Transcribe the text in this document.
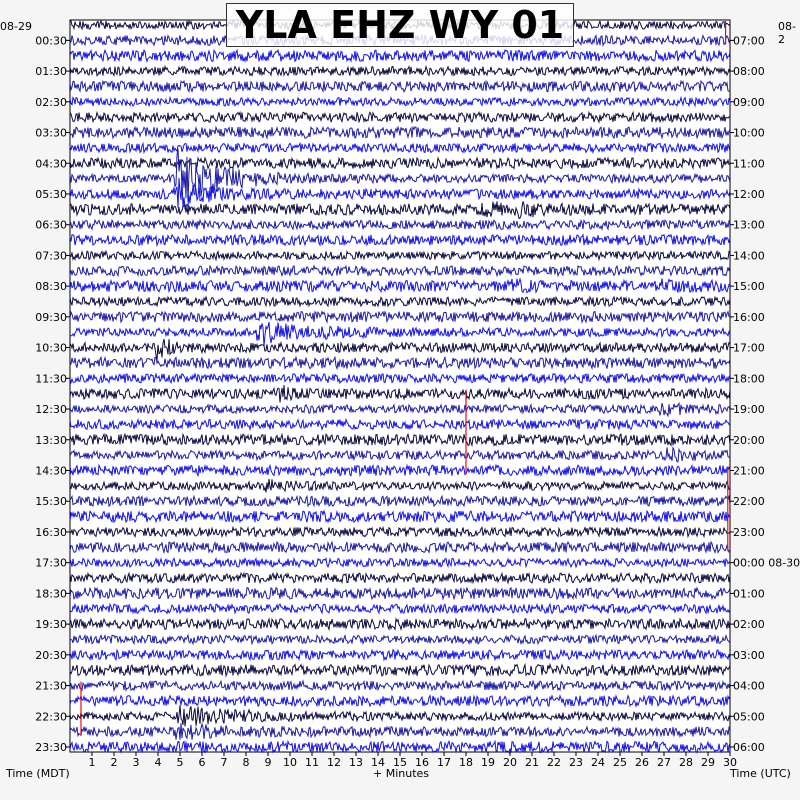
1 2 3 4 5 6 7 8 9 10 11 12 13 14 15 16 17 18 19 20 21 22 23 24 25 26 27 28 29 30
00:30
01:30
02:30
03:30
04:30
05:30
06:30
07:30
08:30
09:30
10:30
11:30
12:30
13:30
14:30
15:30
16:30
17:30
18:30
19:30
20:30
21:30
22:30
23:30
07:00
08:00
09:00
10:00
11:00
12:00
13:00
14:00
15:00
16:00
17:00
18:00
19:00
20:00
21:00
22:00
23:00
00:00 08-30
01:00
02:00
03:00
04:00
05:00
06:00
YLA EHZ WY 01
08-29	08-2
Time (MDT)	+ Minutes	Time (UTC)
